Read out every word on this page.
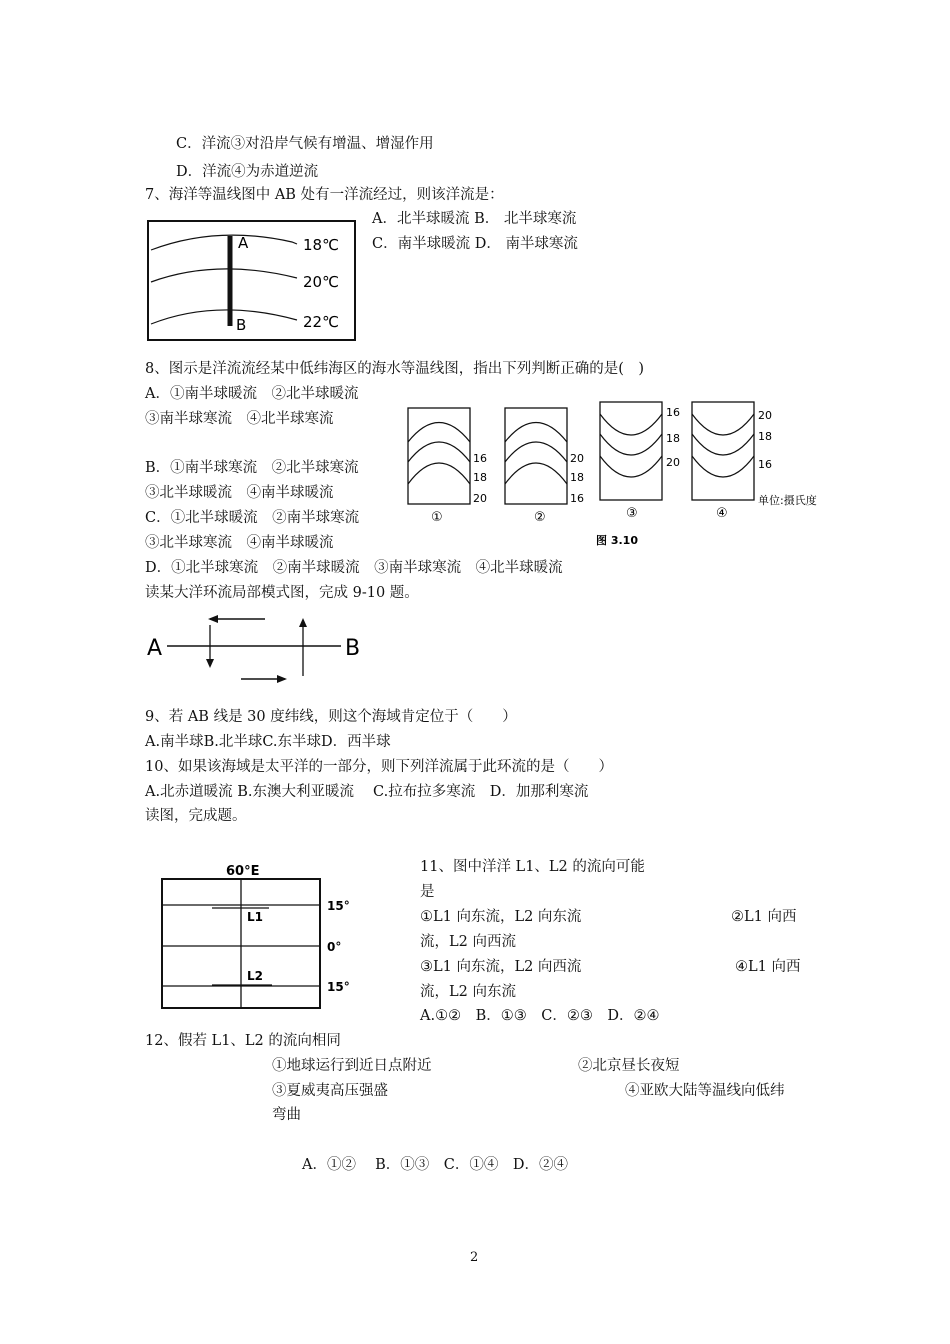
C．洋流③对沿岸气候有增温、增湿作用
D．洋流④为赤道逆流
7、海洋等温线图中 AB 处有一洋流经过，则该洋流是：
A．北半球暖流 B． 北半球寒流
C．南半球暖流 D． 南半球寒流
8、图示是洋流流经某中低纬海区的海水等温线图，指出下列判断正确的是(　)
A．①南半球暖流　②北半球暖流
③南半球寒流　④北半球寒流
B．①南半球寒流　②北半球寒流
③北半球暖流　④南半球暖流
C．①北半球暖流　②南半球寒流
③北半球寒流　④南半球暖流
D．①北半球寒流　②南半球暖流　③南半球寒流　④北半球暖流
读某大洋环流局部模式图，完成 9-10 题。
9、若 AB 线是 30 度纬线，则这个海域肯定位于（　　）
A.南半球B.北半球C.东半球D．西半球
10、如果该海域是太平洋的一部分，则下列洋流属于此环流的是（　　）
A.北赤道暖流 B.东澳大利亚暖流　 C.拉布拉多寒流　D．加那利寒流
读图，完成题。
11、图中洋洋 L1、L2 的流向可能
是
①L1 向东流，L2 向东流	②L1 向西
流，L2 向西流
③L1 向东流，L2 向西流	④L1 向西
流，L2 向东流
A.①②　B．①③　C．②③　D．②④
12、假若 L1、L2 的流向相同
①地球运行到近日点附近	②北京昼长夜短
③夏威夷高压强盛	④亚欧大陆等温线向低纬
弯曲
A．①②　 B．①③　C．①④　D．②④
2
A
B
18℃
20℃
22℃
16
18
20
①
20
18
16
②
16
18
20
③
20
18
16
④
单位:摄氏度
图 3.10
A	B
60°E
L1
L2
15°
0°
15°
